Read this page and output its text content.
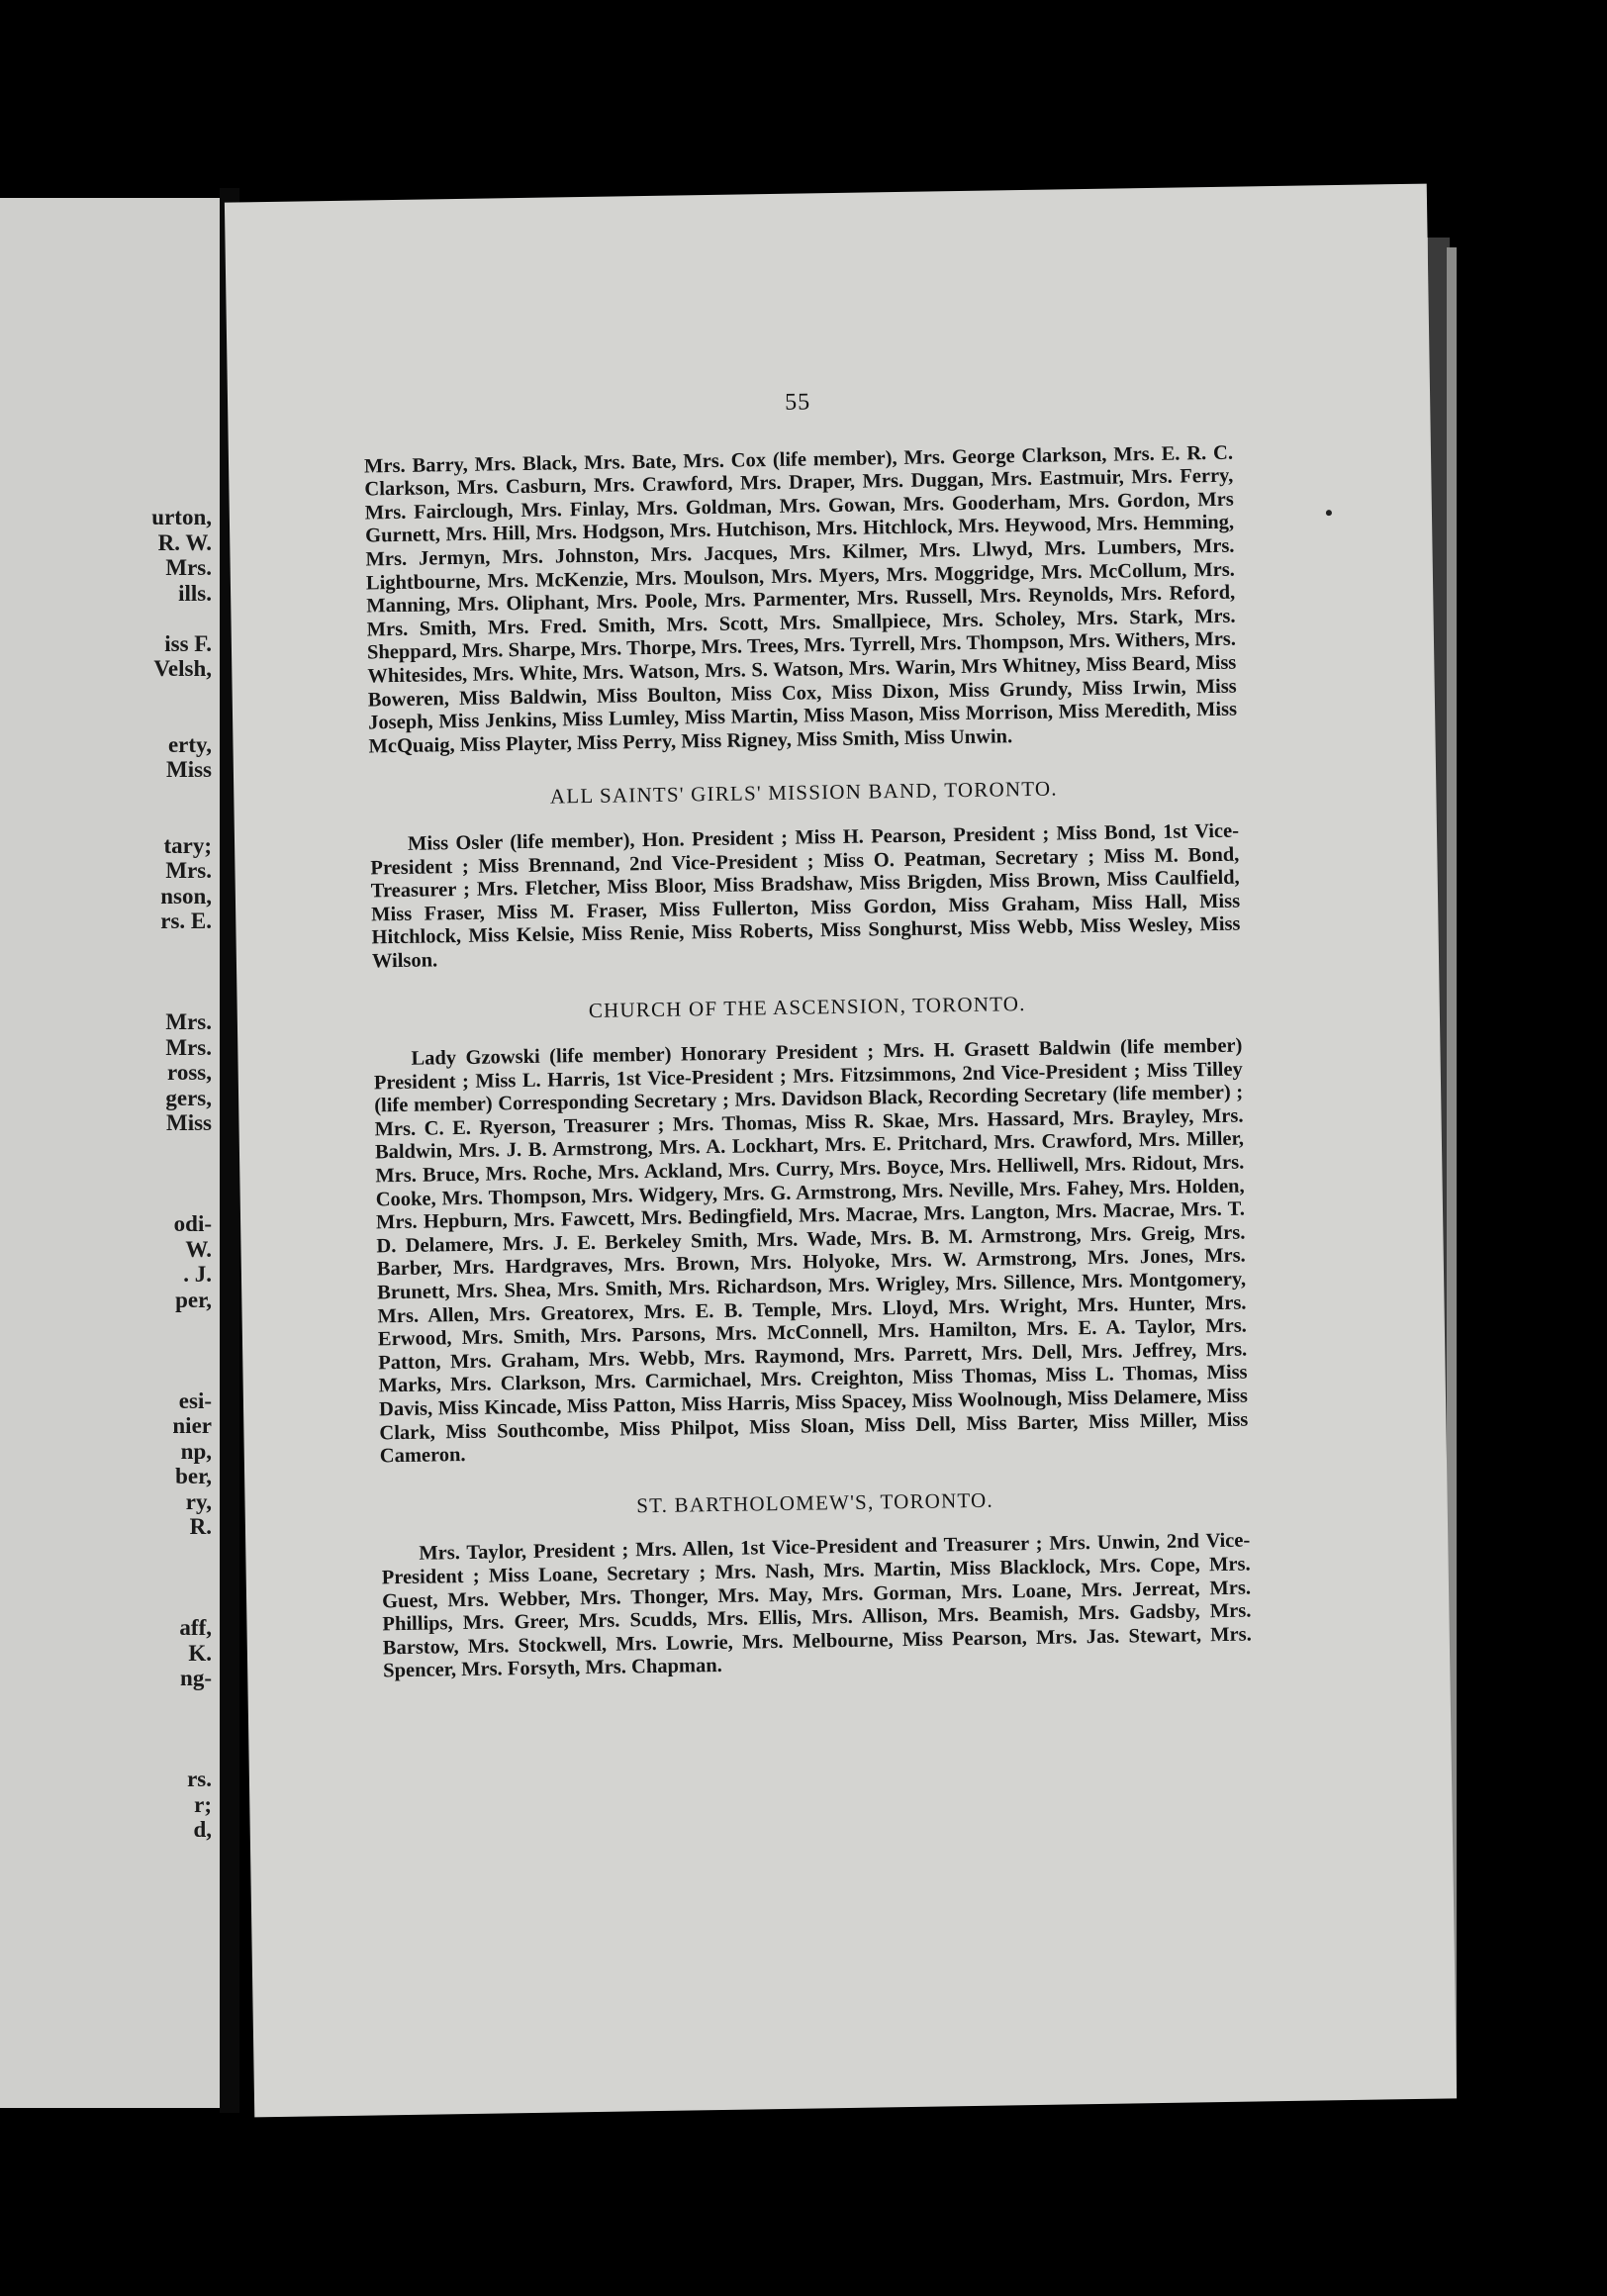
urton,
R. W.
Mrs.
ills.
iss F.
Velsh,
erty,
Miss
tary;
Mrs.
nson,
rs. E.
Mrs.
Mrs.
ross,
gers,
Miss
odi-
W.
. J.
per,
esi-
nier
np,
ber,
ry,
R.
aff,
K.
ng-
rs.
r;
d,
55

Mrs. Barry, Mrs. Black, Mrs. Bate, Mrs. Cox (life member), Mrs. George Clarkson, Mrs. E. R. C. Clarkson, Mrs. Casburn, Mrs. Crawford, Mrs. Draper, Mrs. Duggan, Mrs. Eastmuir, Mrs. Ferry, Mrs. Fairclough, Mrs. Finlay, Mrs. Goldman, Mrs. Gowan, Mrs. Gooderham, Mrs. Gordon, Mrs Gurnett, Mrs. Hill, Mrs. Hodgson, Mrs. Hutchison, Mrs. Hitchlock, Mrs. Heywood, Mrs. Hemming, Mrs. Jermyn, Mrs. Johnston, Mrs. Jacques, Mrs. Kilmer, Mrs. Llwyd, Mrs. Lumbers, Mrs. Lightbourne, Mrs. McKenzie, Mrs. Moulson, Mrs. Myers, Mrs. Moggridge, Mrs. McCollum, Mrs. Manning, Mrs. Oliphant, Mrs. Poole, Mrs. Parmenter, Mrs. Russell, Mrs. Reynolds, Mrs. Reford, Mrs. Smith, Mrs. Fred. Smith, Mrs. Scott, Mrs. Smallpiece, Mrs. Scholey, Mrs. Stark, Mrs. Sheppard, Mrs. Sharpe, Mrs. Thorpe, Mrs. Trees, Mrs. Tyrrell, Mrs. Thompson, Mrs. Withers, Mrs. Whitesides, Mrs. White, Mrs. Watson, Mrs. S. Watson, Mrs. Warin, Mrs Whitney, Miss Beard, Miss Boweren, Miss Baldwin, Miss Boulton, Miss Cox, Miss Dixon, Miss Grundy, Miss Irwin, Miss Joseph, Miss Jenkins, Miss Lumley, Miss Martin, Miss Mason, Miss Morrison, Miss Meredith, Miss McQuaig, Miss Playter, Miss Perry, Miss Rigney, Miss Smith, Miss Unwin.

ALL SAINTS' GIRLS' MISSION BAND, TORONTO.

Miss Osler (life member), Hon. President ; Miss H. Pearson, President ; Miss Bond, 1st Vice-President ; Miss Brennand, 2nd Vice-President ; Miss O. Peatman, Secretary ; Miss M. Bond, Treasurer ; Mrs. Fletcher, Miss Bloor, Miss Bradshaw, Miss Brigden, Miss Brown, Miss Caulfield, Miss Fraser, Miss M. Fraser, Miss Fullerton, Miss Gordon, Miss Graham, Miss Hall, Miss Hitchlock, Miss Kelsie, Miss Renie, Miss Roberts, Miss Songhurst, Miss Webb, Miss Wesley, Miss Wilson.

CHURCH OF THE ASCENSION, TORONTO.

Lady Gzowski (life member) Honorary President ; Mrs. H. Grasett Baldwin (life member) President ; Miss L. Harris, 1st Vice-President ; Mrs. Fitzsimmons, 2nd Vice-President ; Miss Tilley (life member) Corresponding Secretary ; Mrs. Davidson Black, Recording Secretary (life member) ; Mrs. C. E. Ryerson, Treasurer ; Mrs. Thomas, Miss R. Skae, Mrs. Hassard, Mrs. Brayley, Mrs. Baldwin, Mrs. J. B. Armstrong, Mrs. A. Lockhart, Mrs. E. Pritchard, Mrs. Crawford, Mrs. Miller, Mrs. Bruce, Mrs. Roche, Mrs. Ackland, Mrs. Curry, Mrs. Boyce, Mrs. Helliwell, Mrs. Ridout, Mrs. Cooke, Mrs. Thompson, Mrs. Widgery, Mrs. G. Armstrong, Mrs. Neville, Mrs. Fahey, Mrs. Holden, Mrs. Hepburn, Mrs. Fawcett, Mrs. Bedingfield, Mrs. Macrae, Mrs. Langton, Mrs. Macrae, Mrs. T. D. Delamere, Mrs. J. E. Berkeley Smith, Mrs. Wade, Mrs. B. M. Armstrong, Mrs. Greig, Mrs. Barber, Mrs. Hardgraves, Mrs. Brown, Mrs. Holyoke, Mrs. W. Armstrong, Mrs. Jones, Mrs. Brunett, Mrs. Shea, Mrs. Smith, Mrs. Richardson, Mrs. Wrigley, Mrs. Sillence, Mrs. Montgomery, Mrs. Allen, Mrs. Greatorex, Mrs. E. B. Temple, Mrs. Lloyd, Mrs. Wright, Mrs. Hunter, Mrs. Erwood, Mrs. Smith, Mrs. Parsons, Mrs. McConnell, Mrs. Hamilton, Mrs. E. A. Taylor, Mrs. Patton, Mrs. Graham, Mrs. Webb, Mrs. Raymond, Mrs. Parrett, Mrs. Dell, Mrs. Jeffrey, Mrs. Marks, Mrs. Clarkson, Mrs. Carmichael, Mrs. Creighton, Miss Thomas, Miss L. Thomas, Miss Davis, Miss Kincade, Miss Patton, Miss Harris, Miss Spacey, Miss Woolnough, Miss Delamere, Miss Clark, Miss Southcombe, Miss Philpot, Miss Sloan, Miss Dell, Miss Barter, Miss Miller, Miss Cameron.

ST. BARTHOLOMEW'S, TORONTO.

Mrs. Taylor, President ; Mrs. Allen, 1st Vice-President and Treasurer ; Mrs. Unwin, 2nd Vice-President ; Miss Loane, Secretary ; Mrs. Nash, Mrs. Martin, Miss Blacklock, Mrs. Cope, Mrs. Guest, Mrs. Webber, Mrs. Thonger, Mrs. May, Mrs. Gorman, Mrs. Loane, Mrs. Jerreat, Mrs. Phillips, Mrs. Greer, Mrs. Scudds, Mrs. Ellis, Mrs. Allison, Mrs. Beamish, Mrs. Gadsby, Mrs. Barstow, Mrs. Stockwell, Mrs. Lowrie, Mrs. Melbourne, Miss Pearson, Mrs. Jas. Stewart, Mrs. Spencer, Mrs. Forsyth, Mrs. Chapman.
